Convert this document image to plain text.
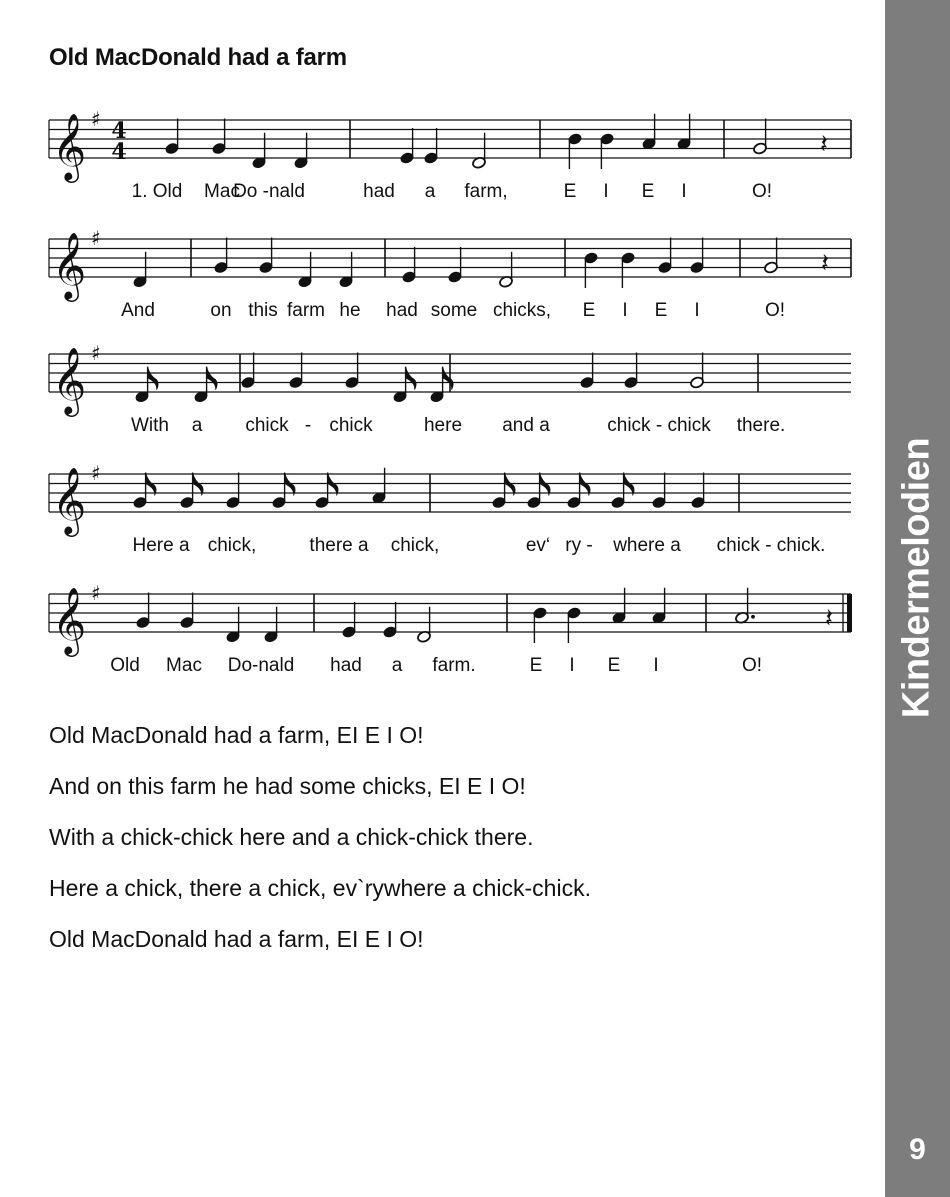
Old MacDonald had a farm
𝄞 ♯ 4
4	𝄽
1. Old Mac
Do -nald	had a farm,	E I E I	O!
𝄞 ♯
𝄽
And	on this farm he had some chicks, E I E I	O!
𝄞 ♯
With a chick - chick	here and a	chick - chick there.
𝄞 ♯
Here a chick,	there a chick,	ev‘ ry - where a chick - chick.
𝄞 ♯
𝄽
Old Mac Do-nald had a farm.	E I E I	O!
Old MacDonald had a farm, EI E I O!
And on this farm he had some chicks, EI E I O!
With a chick-chick here and a chick-chick there.
Here a chick, there a chick, ev`rywhere a chick-chick.
Old MacDonald had a farm, EI E I O!
Kindermelodien
9
